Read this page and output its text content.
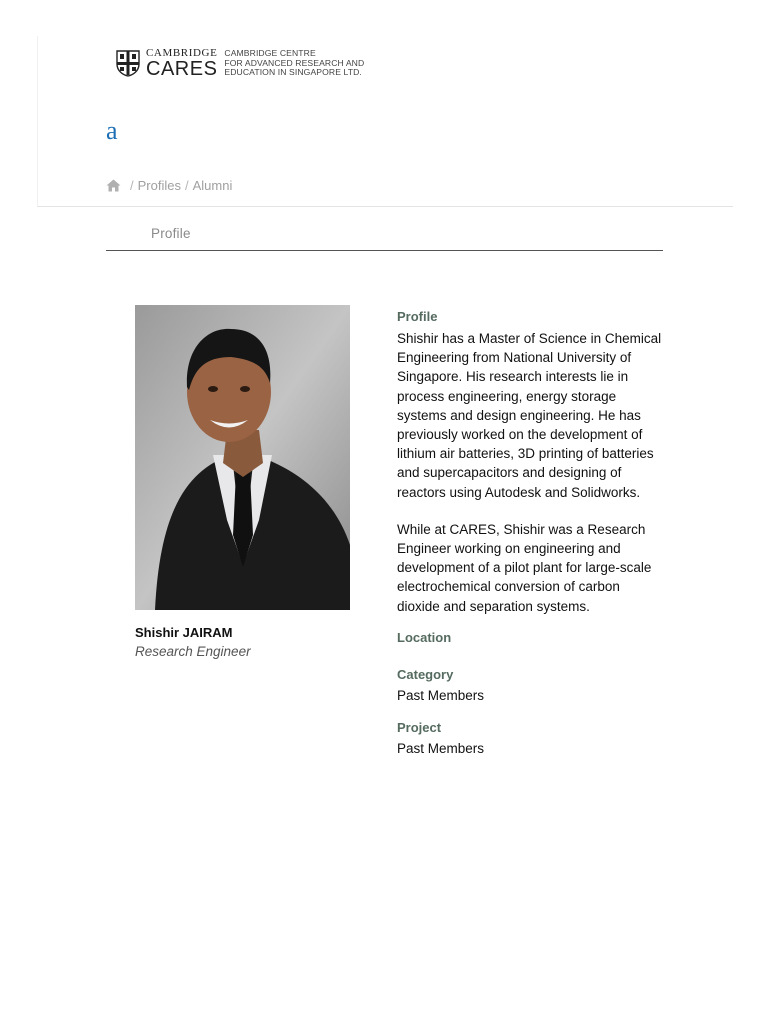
CAMBRIDGE
CARES
CAMBRIDGE CENTRE
FOR ADVANCED RESEARCH AND
EDUCATION IN SINGAPORE LTD.
a
/ Profiles / Alumni
Profile
Shishir JAIRAM
Research Engineer
Profile

Shishir has a Master of Science in Chemical Engineering from National University of Singapore. His research interests lie in process engineering, energy storage systems and design engineering. He has previously worked on the development of lithium air batteries, 3D printing of batteries and supercapacitors and designing of reactors using Autodesk and Solidworks.

While at CARES, Shishir was a Research Engineer working on engineering and development of a pilot plant for large-scale electrochemical conversion of carbon dioxide and separation systems.

Location
Category
Past Members
Project
Past Members
